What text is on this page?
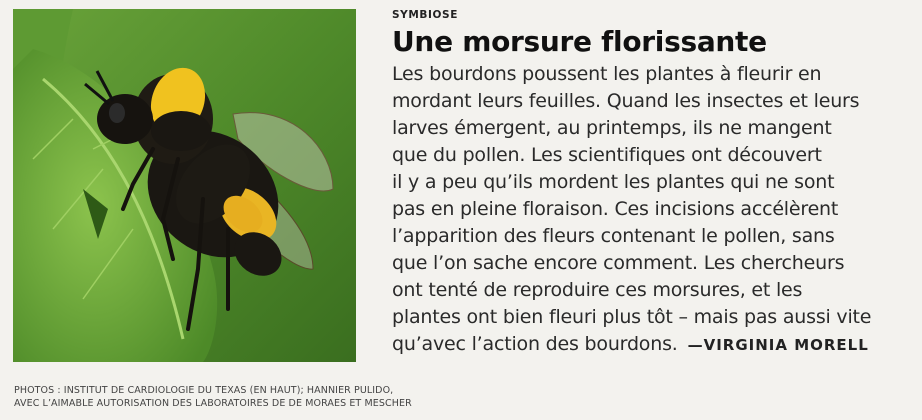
SYMBIOSE

Une morsure florissante

Les bourdons poussent les plantes à fleurir en
mordant leurs feuilles. Quand les insectes et leurs
larves émergent, au printemps, ils ne mangent
que du pollen. Les scientifiques ont découvert
il y a peu qu’ils mordent les plantes qui ne sont
pas en pleine floraison. Ces incisions accélèrent
l’apparition des fleurs contenant le pollen, sans
que l’on sache encore comment. Les chercheurs
ont tenté de reproduire ces morsures, et les
plantes ont bien fleuri plus tôt – mais pas aussi vite
qu’avec l’action des bourdons. —VIRGINIA MORELL

PHOTOS : INSTITUT DE CARDIOLOGIE DU TEXAS (EN HAUT); HANNIER PULIDO,
AVEC L’AIMABLE AUTORISATION DES LABORATOIRES DE DE MORAES ET MESCHER
